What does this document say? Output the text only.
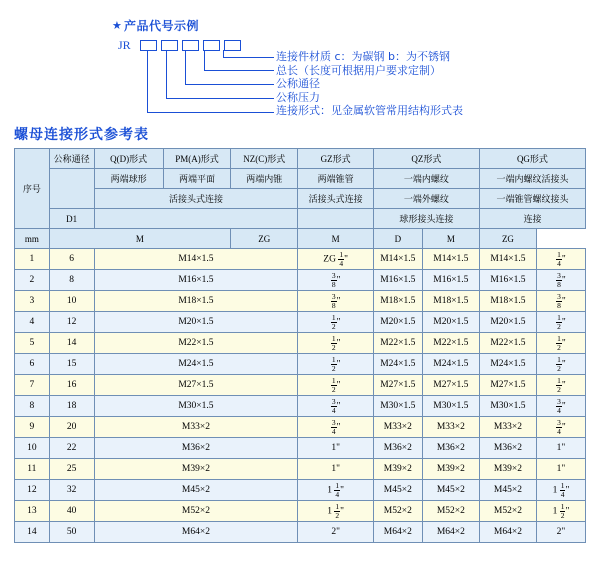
★ 产品代号示例
JR
连接件材质 c：为碳钢 b：为不锈钢
总长（长度可根据用户要求定制）
公称通径
公称压力
连接形式：见金属软管常用结构形式表
螺母连接形式参考表
序号	公称通径	Q(D)形式	PM(A)形式	NZ(C)形式	GZ形式	QZ形式		QG形式	
		两端球形	两端平面	两端内锥	两端锥管	一端内螺纹		一端内螺纹活接头	
		活接头式连接			活接头式连接	一端外螺纹		一端锥管螺纹接头	
	D1					球形接头连接		连接	
mm	M			ZG	M	D	M	ZG	
1	6	M14×1.5			ZG $\frac{1}{4}$ "	M14×1.5	M14×1.5	M14×1.5	$\frac{1}{4}$ "
2	8	M16×1.5			$\frac{3}{8}$ "	M16×1.5	M16×1.5	M16×1.5	$\frac{3}{8}$ "
3	10	M18×1.5			$\frac{3}{8}$ "	M18×1.5	M18×1.5	M18×1.5	$\frac{3}{8}$ "
4	12	M20×1.5			$\frac{1}{2}$ "	M20×1.5	M20×1.5	M20×1.5	$\frac{1}{2}$ "
5	14	M22×1.5			$\frac{1}{2}$ "	M22×1.5	M22×1.5	M22×1.5	$\frac{1}{2}$ "
6	15	M24×1.5			$\frac{1}{2}$ "	M24×1.5	M24×1.5	M24×1.5	$\frac{1}{2}$ "
7	16	M27×1.5			$\frac{1}{2}$ "	M27×1.5	M27×1.5	M27×1.5	$\frac{1}{2}$ "
8	18	M30×1.5			$\frac{3}{4}$ "	M30×1.5	M30×1.5	M30×1.5	$\frac{3}{4}$ "
9	20	M33×2			$\frac{3}{4}$ "	M33×2	M33×2	M33×2	$\frac{3}{4}$ "
10	22	M36×2			1"	M36×2	M36×2	M36×2	1"
11	25	M39×2			1"	M39×2	M39×2	M39×2	1"
12	32	M45×2			$1 \frac{1}{4}$ "	M45×2	M45×2	M45×2	$1 \frac{1}{4}$ "
13	40	M52×2			$1 \frac{1}{2}$ "	M52×2	M52×2	M52×2	$1 \frac{1}{2}$ "
14	50	M64×2			2"	M64×2	M64×2	M64×2	2"
